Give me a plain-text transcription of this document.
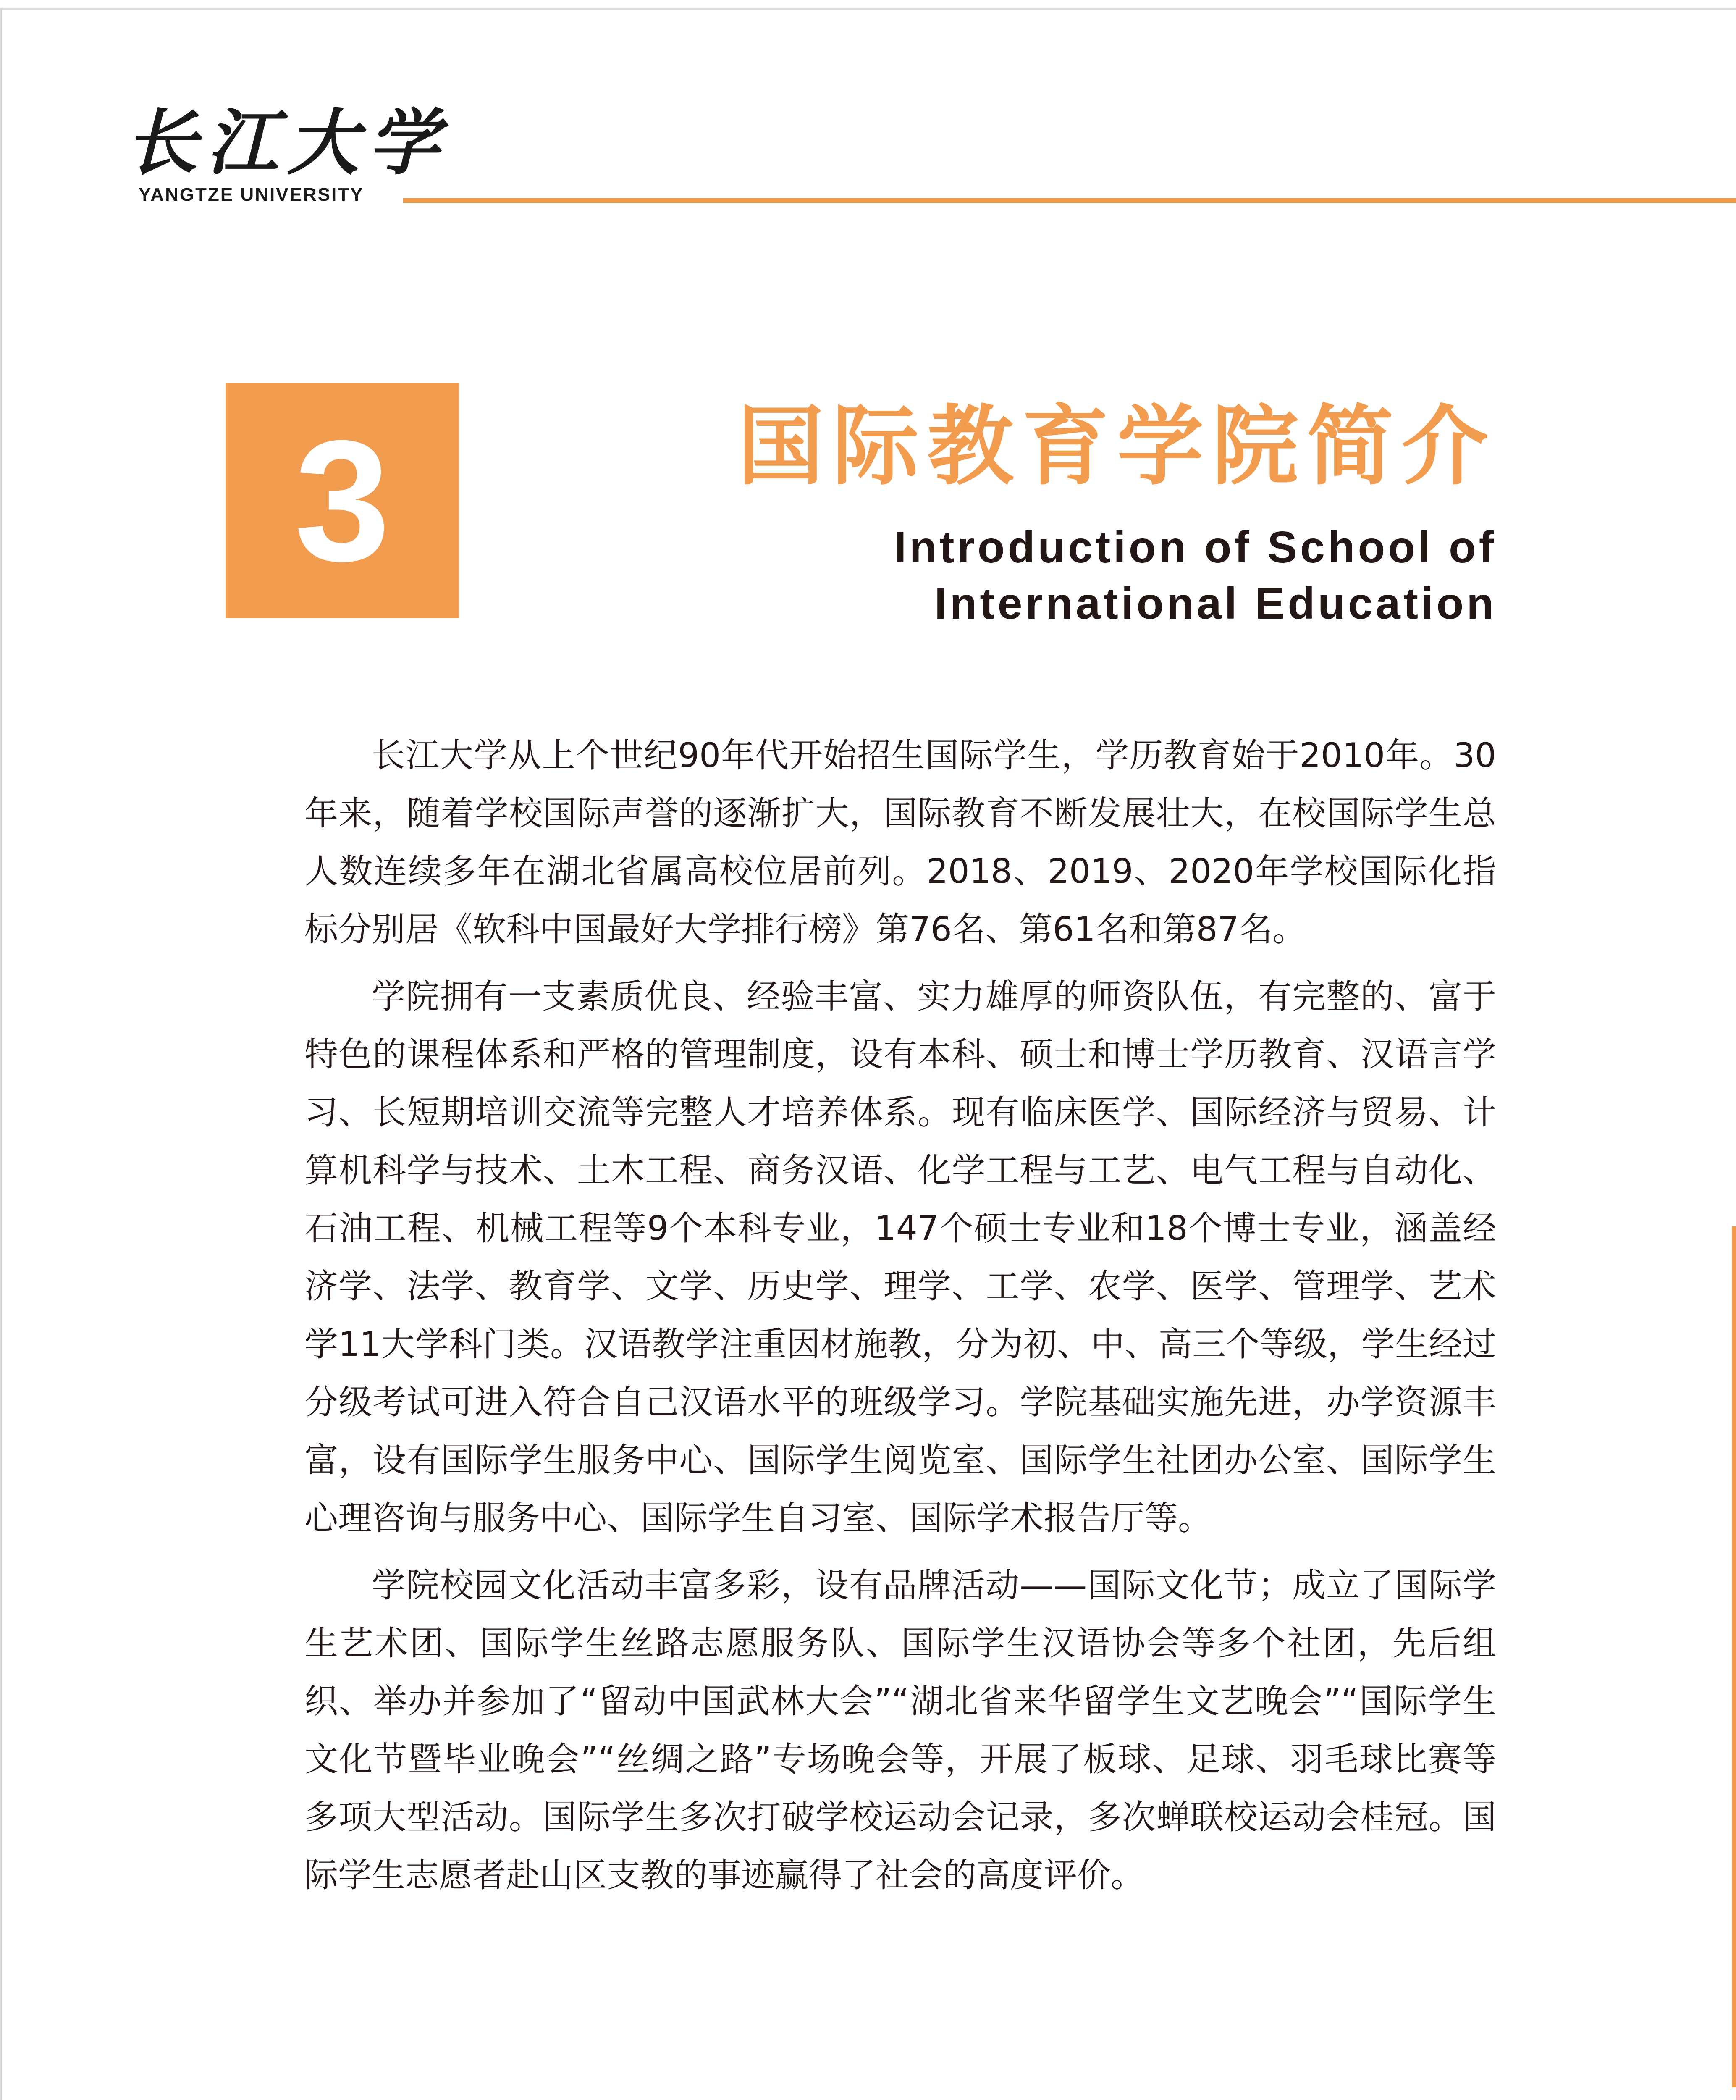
长江大学
YANGTZE UNIVERSITY
3	国际教育学院简介
Introduction of School of
International Education

长江大学从上个世纪90年代开始招生国际学生，学历教育始于2010年。30年来，随着学校国际声誉的逐渐扩大，国际教育不断发展壮大，在校国际学生总人数连续多年在湖北省属高校位居前列。2018、2019、2020年学校国际化指标分别居《软科中国最好大学排行榜》第76名、第61名和第87名。

学院拥有一支素质优良、经验丰富、实力雄厚的师资队伍，有完整的、富于特色的课程体系和严格的管理制度，设有本科、硕士和博士学历教育、汉语言学习、长短期培训交流等完整人才培养体系。现有临床医学、国际经济与贸易、计算机科学与技术、土木工程、商务汉语、化学工程与工艺、电气工程与自动化、石油工程、机械工程等9个本科专业，147个硕士专业和18个博士专业，涵盖经济学、法学、教育学、文学、历史学、理学、工学、农学、医学、管理学、艺术学11大学科门类。汉语教学注重因材施教，分为初、中、高三个等级，学生经过分级考试可进入符合自己汉语水平的班级学习。学院基础实施先进，办学资源丰富，设有国际学生服务中心、国际学生阅览室、国际学生社团办公室、国际学生心理咨询与服务中心、国际学生自习室、国际学术报告厅等。

学院校园文化活动丰富多彩，设有品牌活动——国际文化节；成立了国际学生艺术团、国际学生丝路志愿服务队、国际学生汉语协会等多个社团，先后组织、举办并参加了“留动中国武林大会”“湖北省来华留学生文艺晚会”“国际学生文化节暨毕业晚会”“丝绸之路”专场晚会等，开展了板球、足球、羽毛球比赛等多项大型活动。国际学生多次打破学校运动会记录，多次蝉联校运动会桂冠。国际学生志愿者赴山区支教的事迹赢得了社会的高度评价。
